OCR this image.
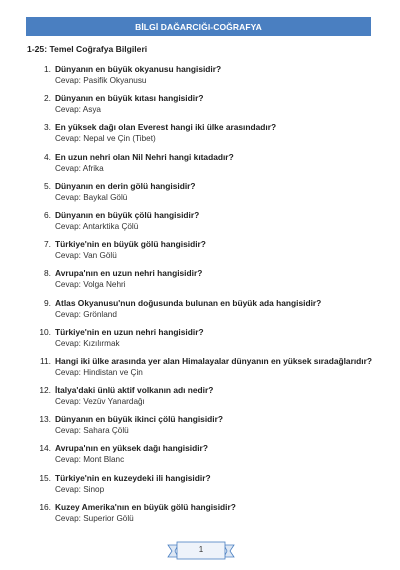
BİLGİ DAĞARCIĞI-COĞRAFYA
1-25: Temel Coğrafya Bilgileri
1. Dünyanın en büyük okyanusu hangisidir?
Cevap: Pasifik Okyanusu
2. Dünyanın en büyük kıtası hangisidir?
Cevap: Asya
3. En yüksek dağı olan Everest hangi iki ülke arasındadır?
Cevap: Nepal ve Çin (Tibet)
4. En uzun nehri olan Nil Nehri hangi kıtadadır?
Cevap: Afrika
5. Dünyanın en derin gölü hangisidir?
Cevap: Baykal Gölü
6. Dünyanın en büyük çölü hangisidir?
Cevap: Antarktika Çölü
7. Türkiye'nin en büyük gölü hangisidir?
Cevap: Van Gölü
8. Avrupa'nın en uzun nehri hangisidir?
Cevap: Volga Nehri
9. Atlas Okyanusu'nun doğusunda bulunan en büyük ada hangisidir?
Cevap: Grönland
10. Türkiye'nin en uzun nehri hangisidir?
Cevap: Kızılırmak
11. Hangi iki ülke arasında yer alan Himalayalar dünyanın en yüksek sıradağlarıdır?
Cevap: Hindistan ve Çin
12. İtalya'daki ünlü aktif volkanın adı nedir?
Cevap: Vezüv Yanardağı
13. Dünyanın en büyük ikinci çölü hangisidir?
Cevap: Sahara Çölü
14. Avrupa'nın en yüksek dağı hangisidir?
Cevap: Mont Blanc
15. Türkiye'nin en kuzeydeki ili hangisidir?
Cevap: Sinop
16. Kuzey Amerika'nın en büyük gölü hangisidir?
Cevap: Superior Gölü
1
